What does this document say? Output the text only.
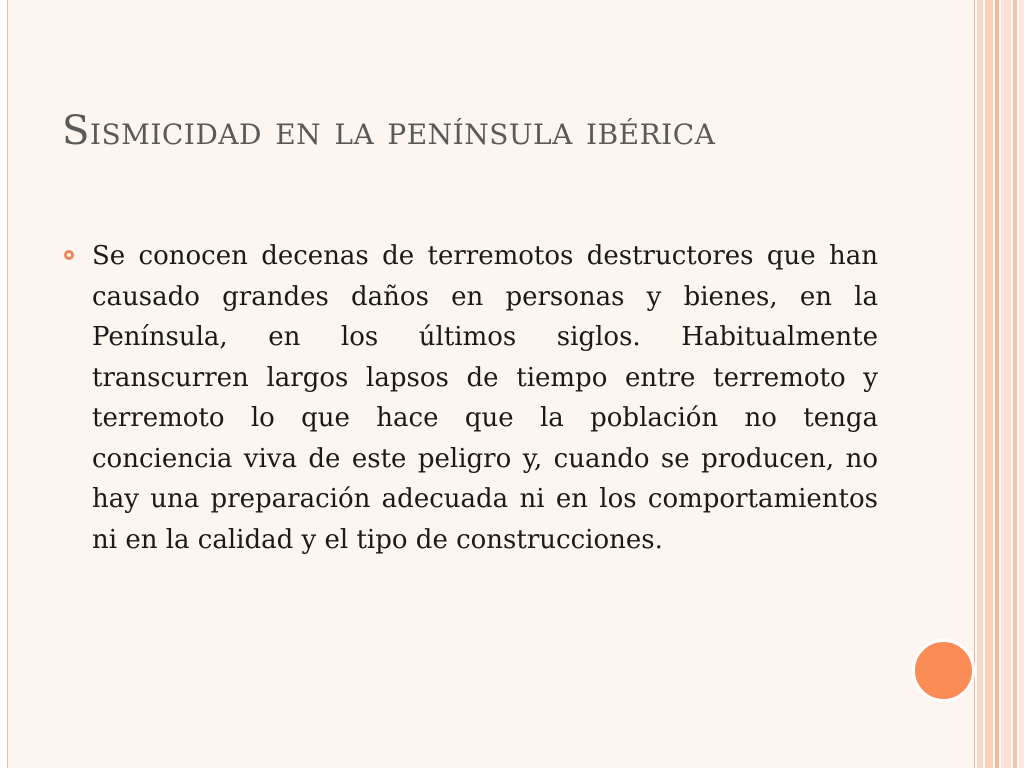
Sismicidad en la península ibérica
Se conocen decenas de terremotos destructores que han causado grandes daños en personas y bienes, en la Península, en los últimos siglos. Habitualmente transcurren largos lapsos de tiempo entre terremoto y terremoto lo que hace que la población no tenga conciencia viva de este peligro y, cuando se producen, no hay una preparación adecuada ni en los comportamientos ni en la calidad y el tipo de construcciones.
